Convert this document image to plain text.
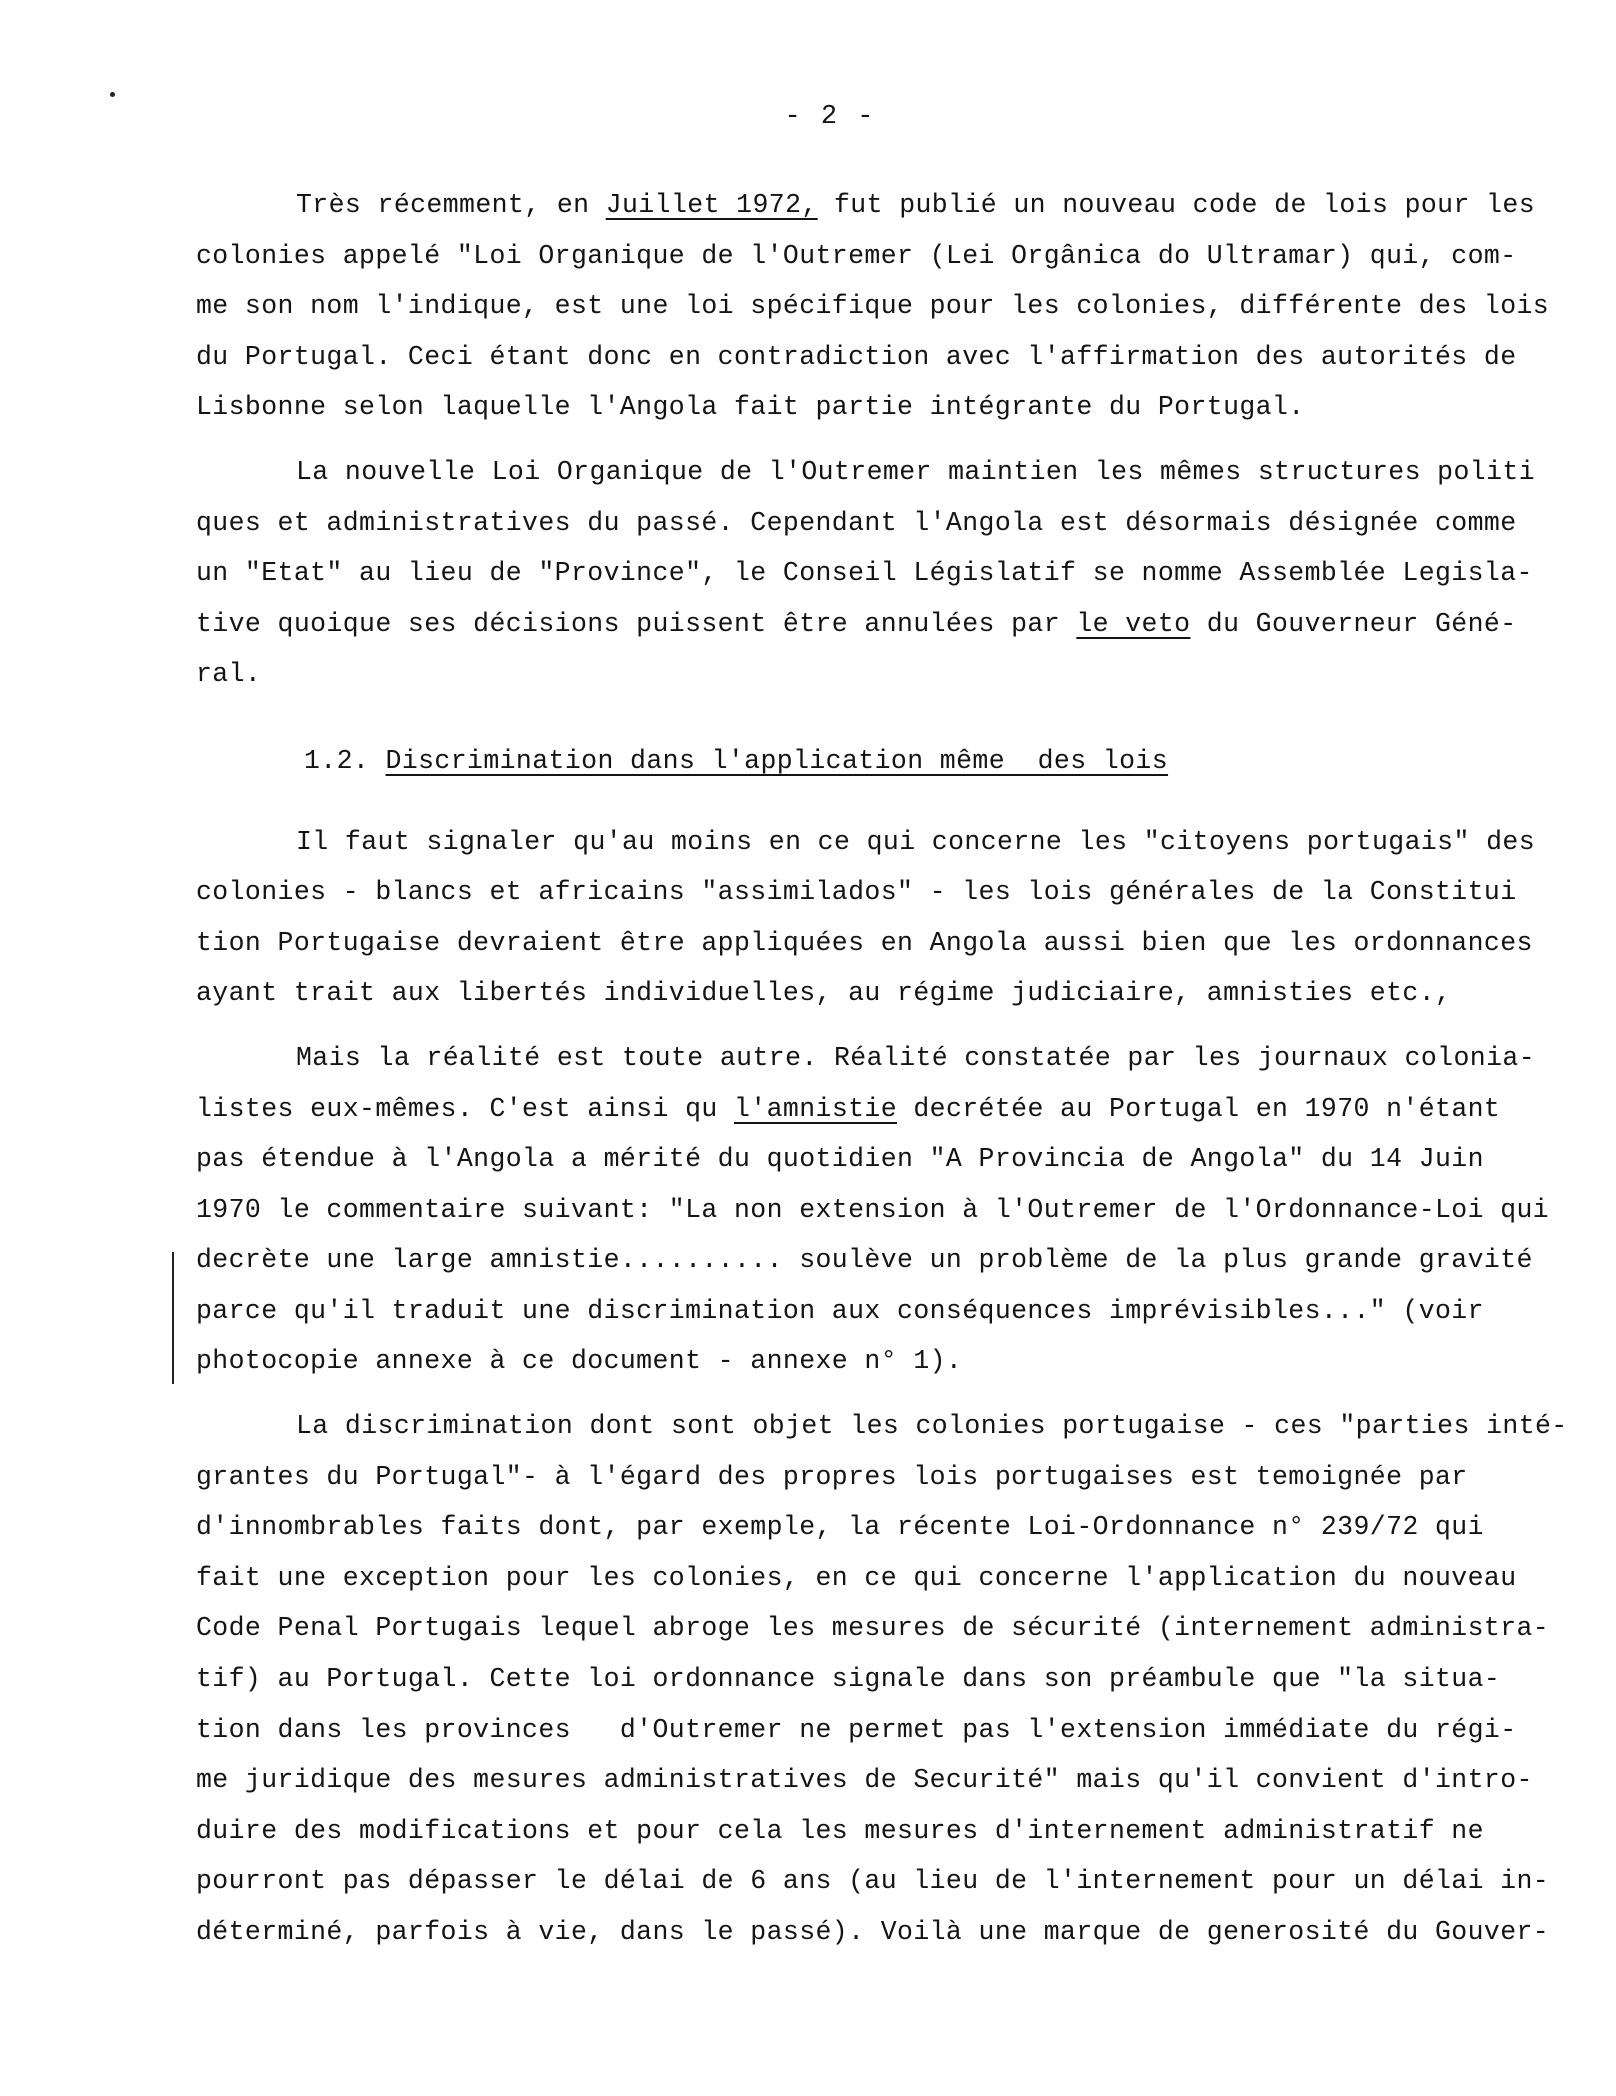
- 2 -
Très récemment, en Juillet 1972, fut publié un nouveau code de lois pour les
colonies appelé "Loi Organique de l'Outremer (Lei Orgânica do Ultramar) qui, com-
me son nom l'indique, est une loi spécifique pour les colonies, différente des lois
du Portugal. Ceci étant donc en contradiction avec l'affirmation des autorités de
Lisbonne selon laquelle l'Angola fait partie intégrante du Portugal.
La nouvelle Loi Organique de l'Outremer maintien les mêmes structures politi
ques et administratives du passé. Cependant l'Angola est désormais désignée comme
un "Etat" au lieu de "Province", le Conseil Législatif se nomme Assemblée Legisla-
tive quoique ses décisions puissent être annulées par le veto du Gouverneur Géné-
ral.
1.2. Discrimination dans l'application même  des lois
Il faut signaler qu'au moins en ce qui concerne les "citoyens portugais" des
colonies - blancs et africains "assimilados" - les lois générales de la Constitui
tion Portugaise devraient être appliquées en Angola aussi bien que les ordonnances
ayant trait aux libertés individuelles, au régime judiciaire, amnisties etc.,
Mais la réalité est toute autre. Réalité constatée par les journaux colonia-
listes eux-mêmes. C'est ainsi qu l'amnistie decrétée au Portugal en 1970 n'étant
pas étendue à l'Angola a mérité du quotidien "A Provincia de Angola" du 14 Juin
1970 le commentaire suivant: "La non extension à l'Outremer de l'Ordonnance-Loi qui
decrète une large amnistie.......... soulève un problème de la plus grande gravité
parce qu'il traduit une discrimination aux conséquences imprévisibles..." (voir
photocopie annexe à ce document - annexe n° 1).
La discrimination dont sont objet les colonies portugaise - ces "parties inté-
grantes du Portugal"- à l'égard des propres lois portugaises est temoignée par
d'innombrables faits dont, par exemple, la récente Loi-Ordonnance n° 239/72 qui
fait une exception pour les colonies, en ce qui concerne l'application du nouveau
Code Penal Portugais lequel abroge les mesures de sécurité (internement administra-
tif) au Portugal. Cette loi ordonnance signale dans son préambule que "la situa-
tion dans les provinces   d'Outremer ne permet pas l'extension immédiate du régi-
me juridique des mesures administratives de Securité" mais qu'il convient d'intro-
duire des modifications et pour cela les mesures d'internement administratif ne
pourront pas dépasser le délai de 6 ans (au lieu de l'internement pour un délai in-
déterminé, parfois à vie, dans le passé). Voilà une marque de generosité du Gouver-
